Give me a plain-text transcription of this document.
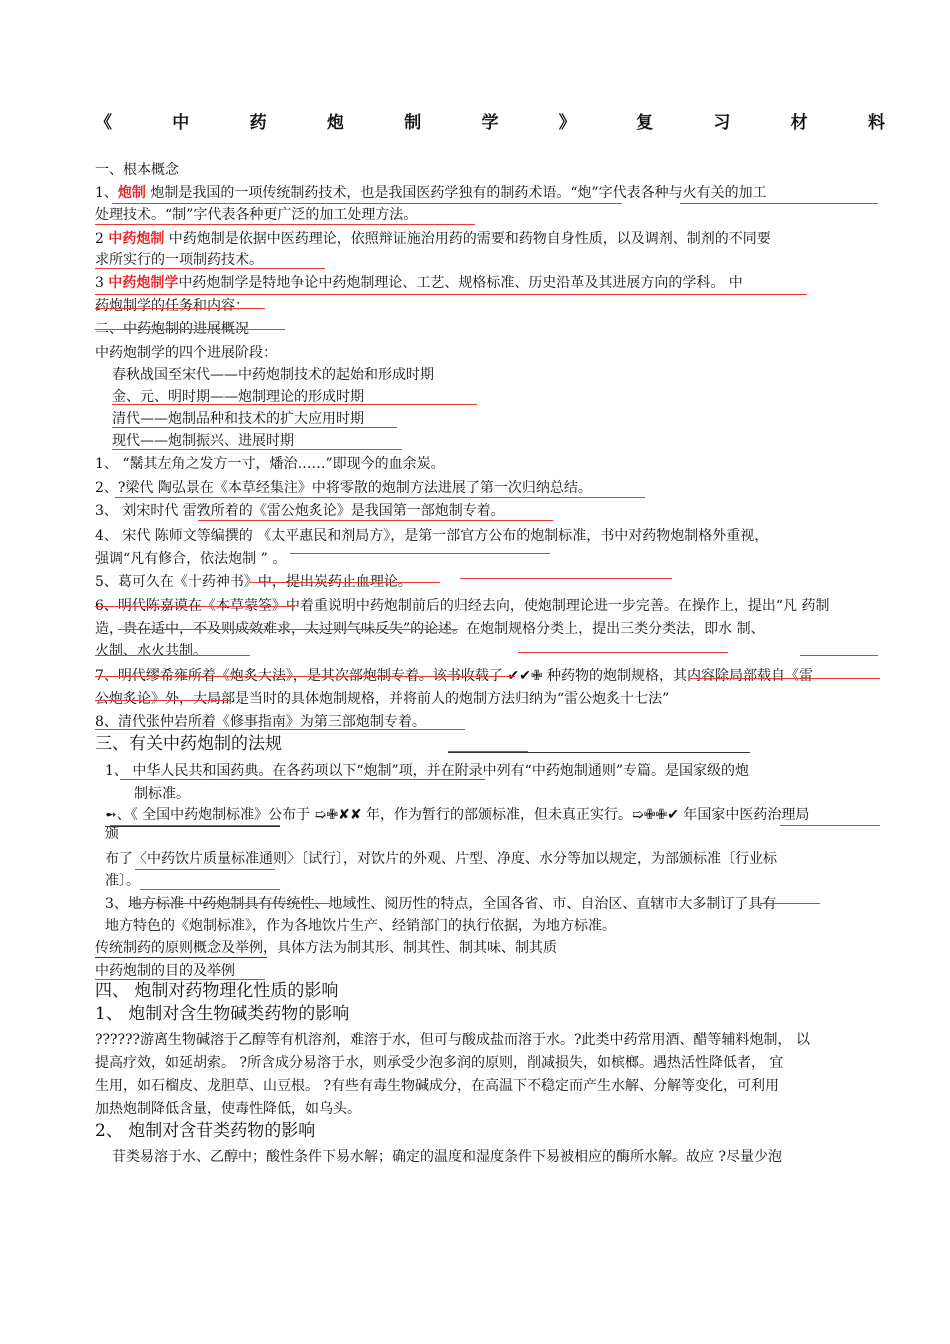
《	中	药	炮	制	学	》	复	习	材	料
一、根本概念
1、炮制 炮制是我国的一项传统制药技术，也是我国医药学独有的制药术语。“炮”字代表各种与火有关的加工
处理技术。“制”字代表各种更广泛的加工处理方法。
2 中药炮制 中药炮制是依据中医药理论，依照辩证施治用药的需要和药物自身性质，以及调剂、制剂的不同要
求所实行的一项制药技术。
3 中药炮制学中药炮制学是特地争论中药炮制理论、工艺、规格标准、历史沿革及其进展方向的学科。 中
药炮制学的任务和内容：
二、中药炮制的进展概况
中药炮制学的四个进展阶段：
春秋战国至宋代——中药炮制技术的起始和形成时期
金、元、明时期——炮制理论的形成时期
清代——炮制品种和技术的扩大应用时期
现代——炮制振兴、进展时期
1、 “鬗其左角之发方一寸，燔治……”即现今的血余炭。
2、?梁代 陶弘景在《本草经集注》中将零散的炮制方法进展了第一次归纳总结。
3、 刘宋时代 雷敩所着的《雷公炮炙论》是我国第一部炮制专着。
4、 宋代 陈师文等编撰的 《太平惠民和剂局方》，是第一部官方公布的炮制标准，书中对药物炮制格外重视，
强调“凡有修合，依法炮制 ” 。
5、葛可久在《十药神书》中，提出炭药止血理论。
6、明代陈嘉谟在《本草蒙筌》中着重说明中药炮制前后的归经去向，使炮制理论进一步完善。在操作上，提出“凡 药制
造，贵在适中，不及则成效难求，太过则气味反失”的论述。在炮制规格分类上，提出三类分类法，即水 制、
火制、水火共制。
7、明代缪希雍所着《炮炙大法》，是其次部炮制专着。该书收载了 ✔✔✙ 种药物的炮制规格，其内容除局部载自《雷
公炮炙论》外，大局部是当时的具体炮制规格，并将前人的炮制方法归纳为“雷公炮炙十七法”
8、清代张仲岩所着《修事指南》为第三部炮制专着。
三、有关中药炮制的法规
1、 中华人民共和国药典。在各药项以下“炮制”项，并在附录中列有“中药炮制通则”专篇。是国家级的炮
制标准。
➻、《 全国中药炮制标准》公布于 ➯✙✘✘ 年，作为暂行的部颁标准，但未真正实行。➯✙✙✔ 年国家中医药治理局
颁
布了〈中药饮片质量标准通则〉〔试行〕，对饮片的外观、片型、净度、水分等加以规定，为部颁标准〔行业标
准〕。
3、地方标准 中药炮制具有传统性、地域性、阅历性的特点，全国各省、市、自治区、直辖市大多制订了具有
地方特色的《炮制标准》，作为各地饮片生产、经销部门的执行依据，为地方标准。
传统制药的原则概念及举例，具体方法为制其形、制其性、制其味、制其质
中药炮制的目的及举例
四、 炮制对药物理化性质的影响
1、 炮制对含生物碱类药物的影响
??????游离生物碱溶于乙醇等有机溶剂，难溶于水，但可与酸成盐而溶于水。?此类中药常用酒、醋等辅料炮制， 以
提高疗效，如延胡索。 ?所含成分易溶于水，则承受少泡多润的原则，削减损失，如槟榔。遇热活性降低者， 宜
生用，如石榴皮、龙胆草、山豆根。 ?有些有毒生物碱成分，在高温下不稳定而产生水解、分解等变化，可利用
加热炮制降低含量，使毒性降低，如乌头。
2、 炮制对含苷类药物的影响
苷类易溶于水、乙醇中；酸性条件下易水解；确定的温度和湿度条件下易被相应的酶所水解。故应 ?尽量少泡
